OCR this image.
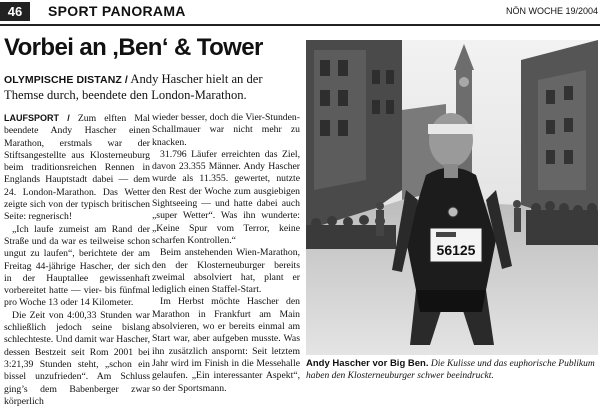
46	SPORT PANORAMA	NÖN WOCHE 19/2004
Vorbei an ‚Ben‘ & Tower
OLYMPISCHE DISTANZ / Andy Hascher hielt an der Themse durch, beendete den London-Marathon.

LAUFSPORT / Zum elften Mal beendete Andy Hascher einen Marathon, erstmals war der Stiftsangestellte aus Klosterneuburg beim traditionsreichen Rennen in Englands Hauptstadt dabei — dem 24. London-Marathon. Das Wetter zeigte sich von der typisch britischen Seite: regnerisch!

„Ich laufe zumeist am Rand der Straße und da war es teilweise schon ungut zu laufen“, berichtete der am Freitag 44-jährige Hascher, der sich in der Hauptallee gewissenhaft vorbereitet hatte — vier- bis fünfmal pro Woche 13 oder 14 Kilometer.

Die Zeit von 4:00,33 Stunden war schließlich jedoch seine bislang schlechteste. Und damit war Hascher, dessen Bestzeit seit Rom 2001 bei 3:21,39 Stunden steht, „schon ein bissel unzufrieden“. Am Schluss ging’s dem Babenberger zwar körperlich

wieder besser, doch die Vier-Stunden-Schallmauer war nicht mehr zu knacken.

31.796 Läufer erreichten das Ziel, davon 23.355 Männer. Andy Hascher wurde als 11.355. gewertet, nutzte den Rest der Woche zum ausgiebigen Sightseeing — und hatte dabei auch „super Wetter“. Was ihn wunderte: „Keine Spur vom Terror, keine scharfen Kontrollen.“

Beim anstehenden Wien-Marathon, den der Klosterneuburger bereits zweimal absolviert hat, plant er lediglich einen Staffel-Start.

Im Herbst möchte Hascher den Marathon in Frankfurt am Main absolvieren, wo er bereits einmal am Start war, aber aufgeben musste. Was ihn zusätzlich anspornt: Seit letztem Jahr wird im Finish in die Messehalle gelaufen. „Ein interessanter Aspekt“, so der Sportsmann.

56125
Andy Hascher vor Big Ben. Die Kulisse und das euphorische Publikum haben den Klosterneuburger schwer beeindruckt.
